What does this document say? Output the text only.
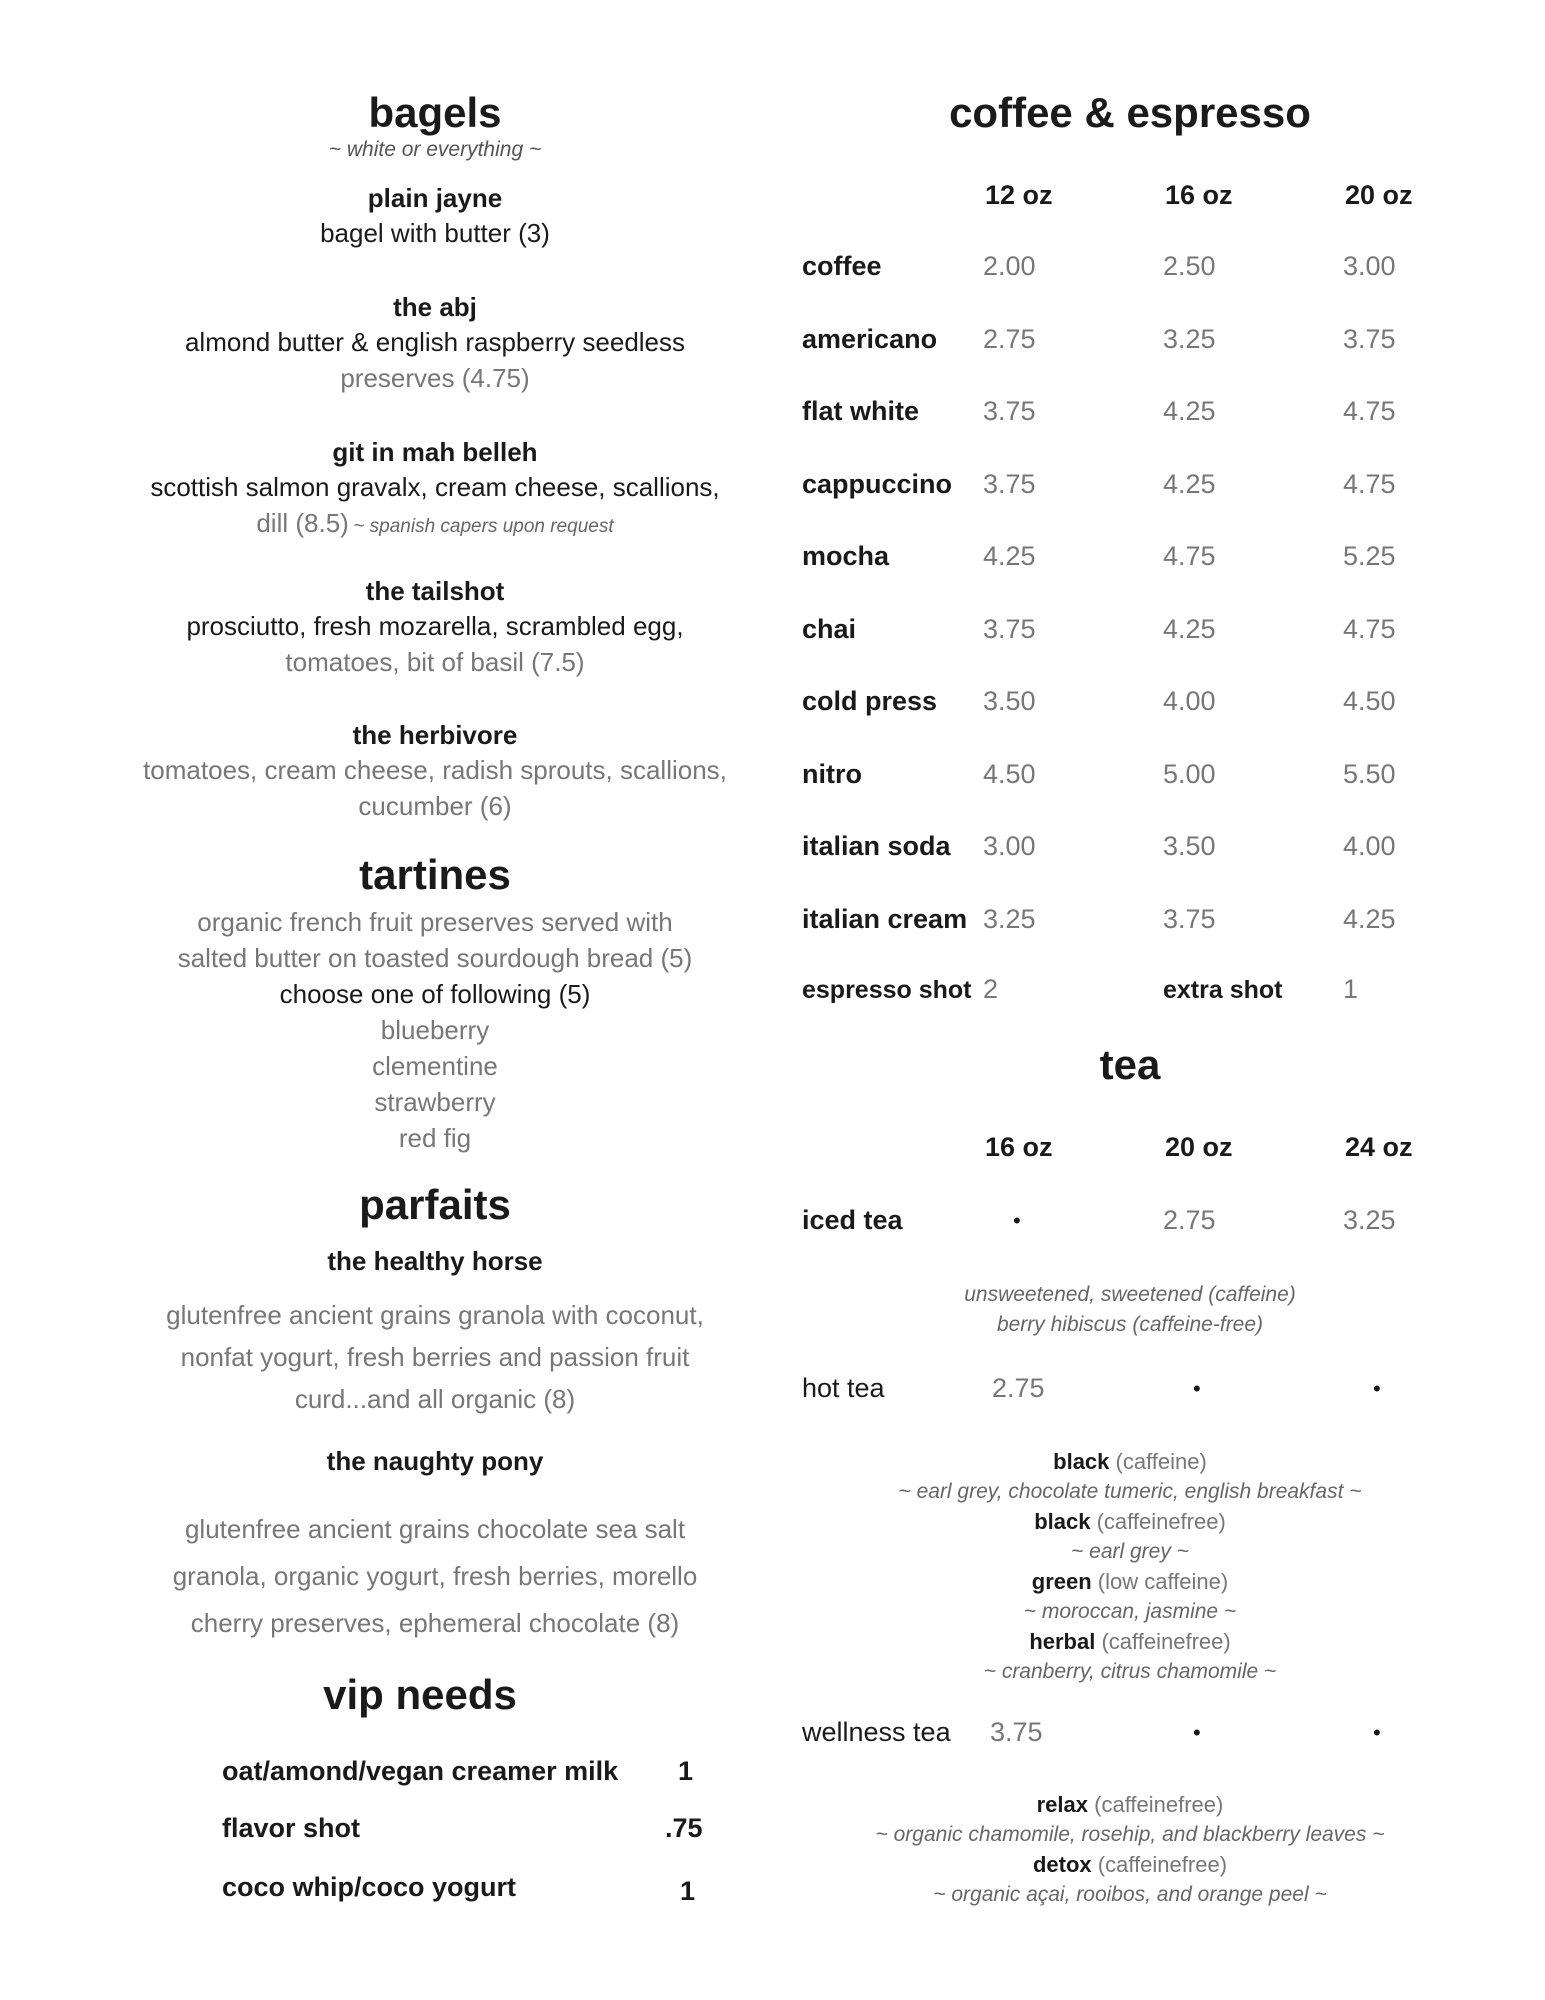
bagels
~ white or everything ~
plain jayne
bagel with butter (3)
the abj
almond butter & english raspberry seedless
preserves (4.75)
git in mah belleh
scottish salmon gravalx, cream cheese, scallions,
dill (8.5) ~ spanish capers upon request
the tailshot
prosciutto, fresh mozarella, scrambled egg,
tomatoes, bit of basil (7.5)
the herbivore
tomatoes, cream cheese, radish sprouts, scallions,
cucumber (6)
tartines
organic french fruit preserves served with
salted butter on toasted sourdough bread (5)
choose one of following (5)
blueberry
clementine
strawberry
red fig
parfaits
the healthy horse
glutenfree ancient grains granola with coconut,
nonfat yogurt, fresh berries and passion fruit
curd...and all organic (8)
the naughty pony
glutenfree ancient grains chocolate sea salt
granola, organic yogurt, fresh berries, morello
cherry preserves, ephemeral chocolate (8)
vip needs
oat/amond/vegan creamer milk 1
flavor shot	.75
coco whip/coco yogurt	1
coffee & espresso
12 oz	16 oz	20 oz
coffee	2.00	2.50	3.00
americano 2.75	3.25	3.75
flat white 3.75	4.25	4.75
cappuccino 3.75	4.25	4.75
mocha	4.25	4.75	5.25
chai	3.75	4.25	4.75
cold press 3.50	4.00	4.50
nitro	4.50	5.00	5.50
italian soda 3.00	3.50	4.00
italian cream 3.25	3.75	4.25
espresso shot 2	extra shot 1
tea
16 oz	20 oz	24 oz
iced tea	•	2.75	3.25
unsweetened, sweetened (caffeine)
berry hibiscus (caffeine-free)
hot tea	2.75	•	•
black (caffeine)
~ earl grey, chocolate tumeric, english breakfast ~
black (caffeinefree)
~ earl grey ~
green (low caffeine)
~ moroccan, jasmine ~
herbal (caffeinefree)
~ cranberry, citrus chamomile ~
wellness tea 3.75	•	•
relax (caffeinefree)
~ organic chamomile, rosehip, and blackberry leaves ~
detox (caffeinefree)
~ organic açai, rooibos, and orange peel ~
